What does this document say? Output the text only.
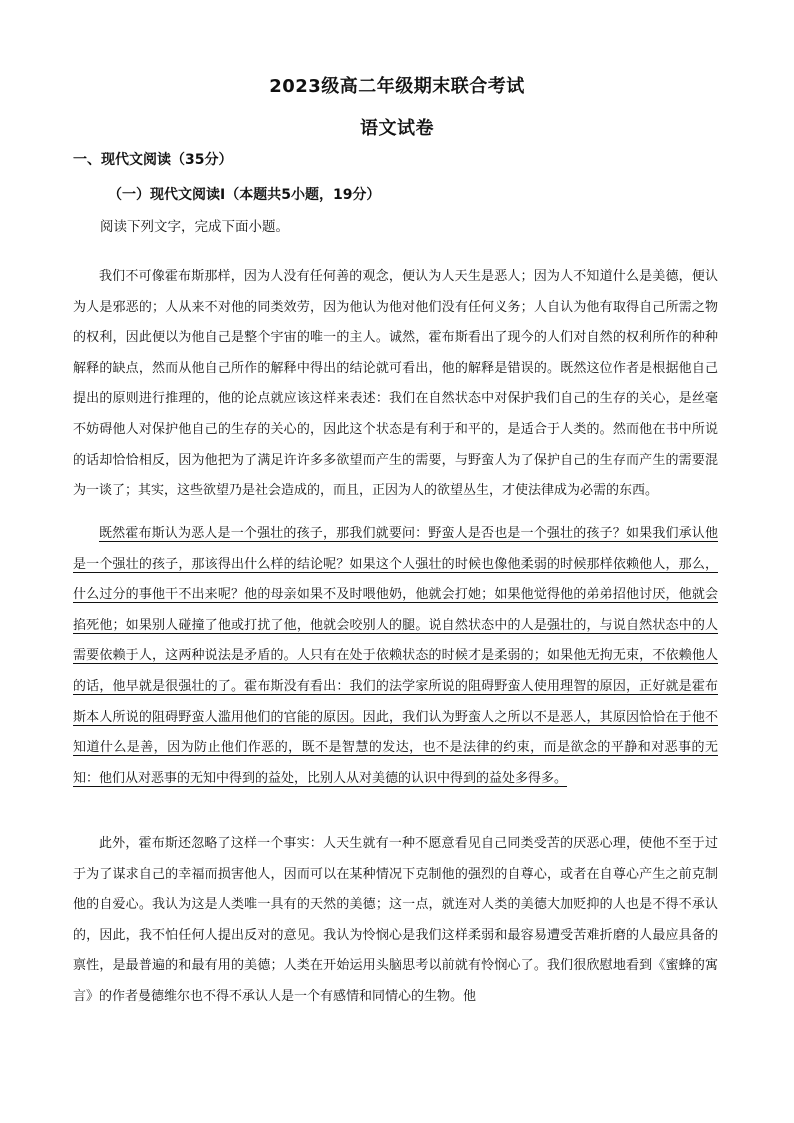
2023级高二年级期末联合考试
语文试卷
一、现代文阅读（35分）
（一）现代文阅读Ⅰ（本题共5小题，19分）
阅读下列文字，完成下面小题。

我们不可像霍布斯那样，因为人没有任何善的观念，便认为人天生是恶人；因为人不知道什么是美德，便认为人是邪恶的；人从来不对他的同类效劳，因为他认为他对他们没有任何义务；人自认为他有取得自己所需之物的权利，因此便以为他自己是整个宇宙的唯一的主人。诚然，霍布斯看出了现今的人们对自然的权利所作的种种解释的缺点，然而从他自己所作的解释中得出的结论就可看出，他的解释是错误的。既然这位作者是根据他自己提出的原则进行推理的，他的论点就应该这样来表述：我们在自然状态中对保护我们自己的生存的关心，是丝毫不妨碍他人对保护他自己的生存的关心的，因此这个状态是有利于和平的，是适合于人类的。然而他在书中所说的话却恰恰相反，因为他把为了满足许许多多欲望而产生的需要，与野蛮人为了保护自己的生存而产生的需要混为一谈了；其实，这些欲望乃是社会造成的，而且，正因为人的欲望丛生，才使法律成为必需的东西。

既然霍布斯认为恶人是一个强壮的孩子，那我们就要问：野蛮人是否也是一个强壮的孩子？如果我们承认他是一个强壮的孩子，那该得出什么样的结论呢？如果这个人强壮的时候也像他柔弱的时候那样依赖他人，那么，什么过分的事他干不出来呢？他的母亲如果不及时喂他奶，他就会打她；如果他觉得他的弟弟招他讨厌，他就会掐死他；如果别人碰撞了他或打扰了他，他就会咬别人的腿。说自然状态中的人是强壮的，与说自然状态中的人需要依赖于人，这两种说法是矛盾的。人只有在处于依赖状态的时候才是柔弱的；如果他无拘无束，不依赖他人的话，他早就是很强壮的了。霍布斯没有看出：我们的法学家所说的阻碍野蛮人使用理智的原因，正好就是霍布斯本人所说的阻碍野蛮人滥用他们的官能的原因。因此，我们认为野蛮人之所以不是恶人，其原因恰恰在于他不知道什么是善，因为防止他们作恶的，既不是智慧的发达，也不是法律的约束，而是欲念的平静和对恶事的无知：他们从对恶事的无知中得到的益处，比别人从对美德的认识中得到的益处多得多。

此外，霍布斯还忽略了这样一个事实：人天生就有一种不愿意看见自己同类受苦的厌恶心理，使他不至于过于为了谋求自己的幸福而损害他人，因而可以在某种情况下克制他的强烈的自尊心，或者在自尊心产生之前克制他的自爱心。我认为这是人类唯一具有的天然的美德；这一点，就连对人类的美德大加贬抑的人也是不得不承认的，因此，我不怕任何人提出反对的意见。我认为怜悯心是我们这样柔弱和最容易遭受苦难折磨的人最应具备的禀性，是最普遍的和最有用的美德；人类在开始运用头脑思考以前就有怜悯心了。我们很欣慰地看到《蜜蜂的寓言》的作者曼德维尔也不得不承认人是一个有感情和同情心的生物。他
